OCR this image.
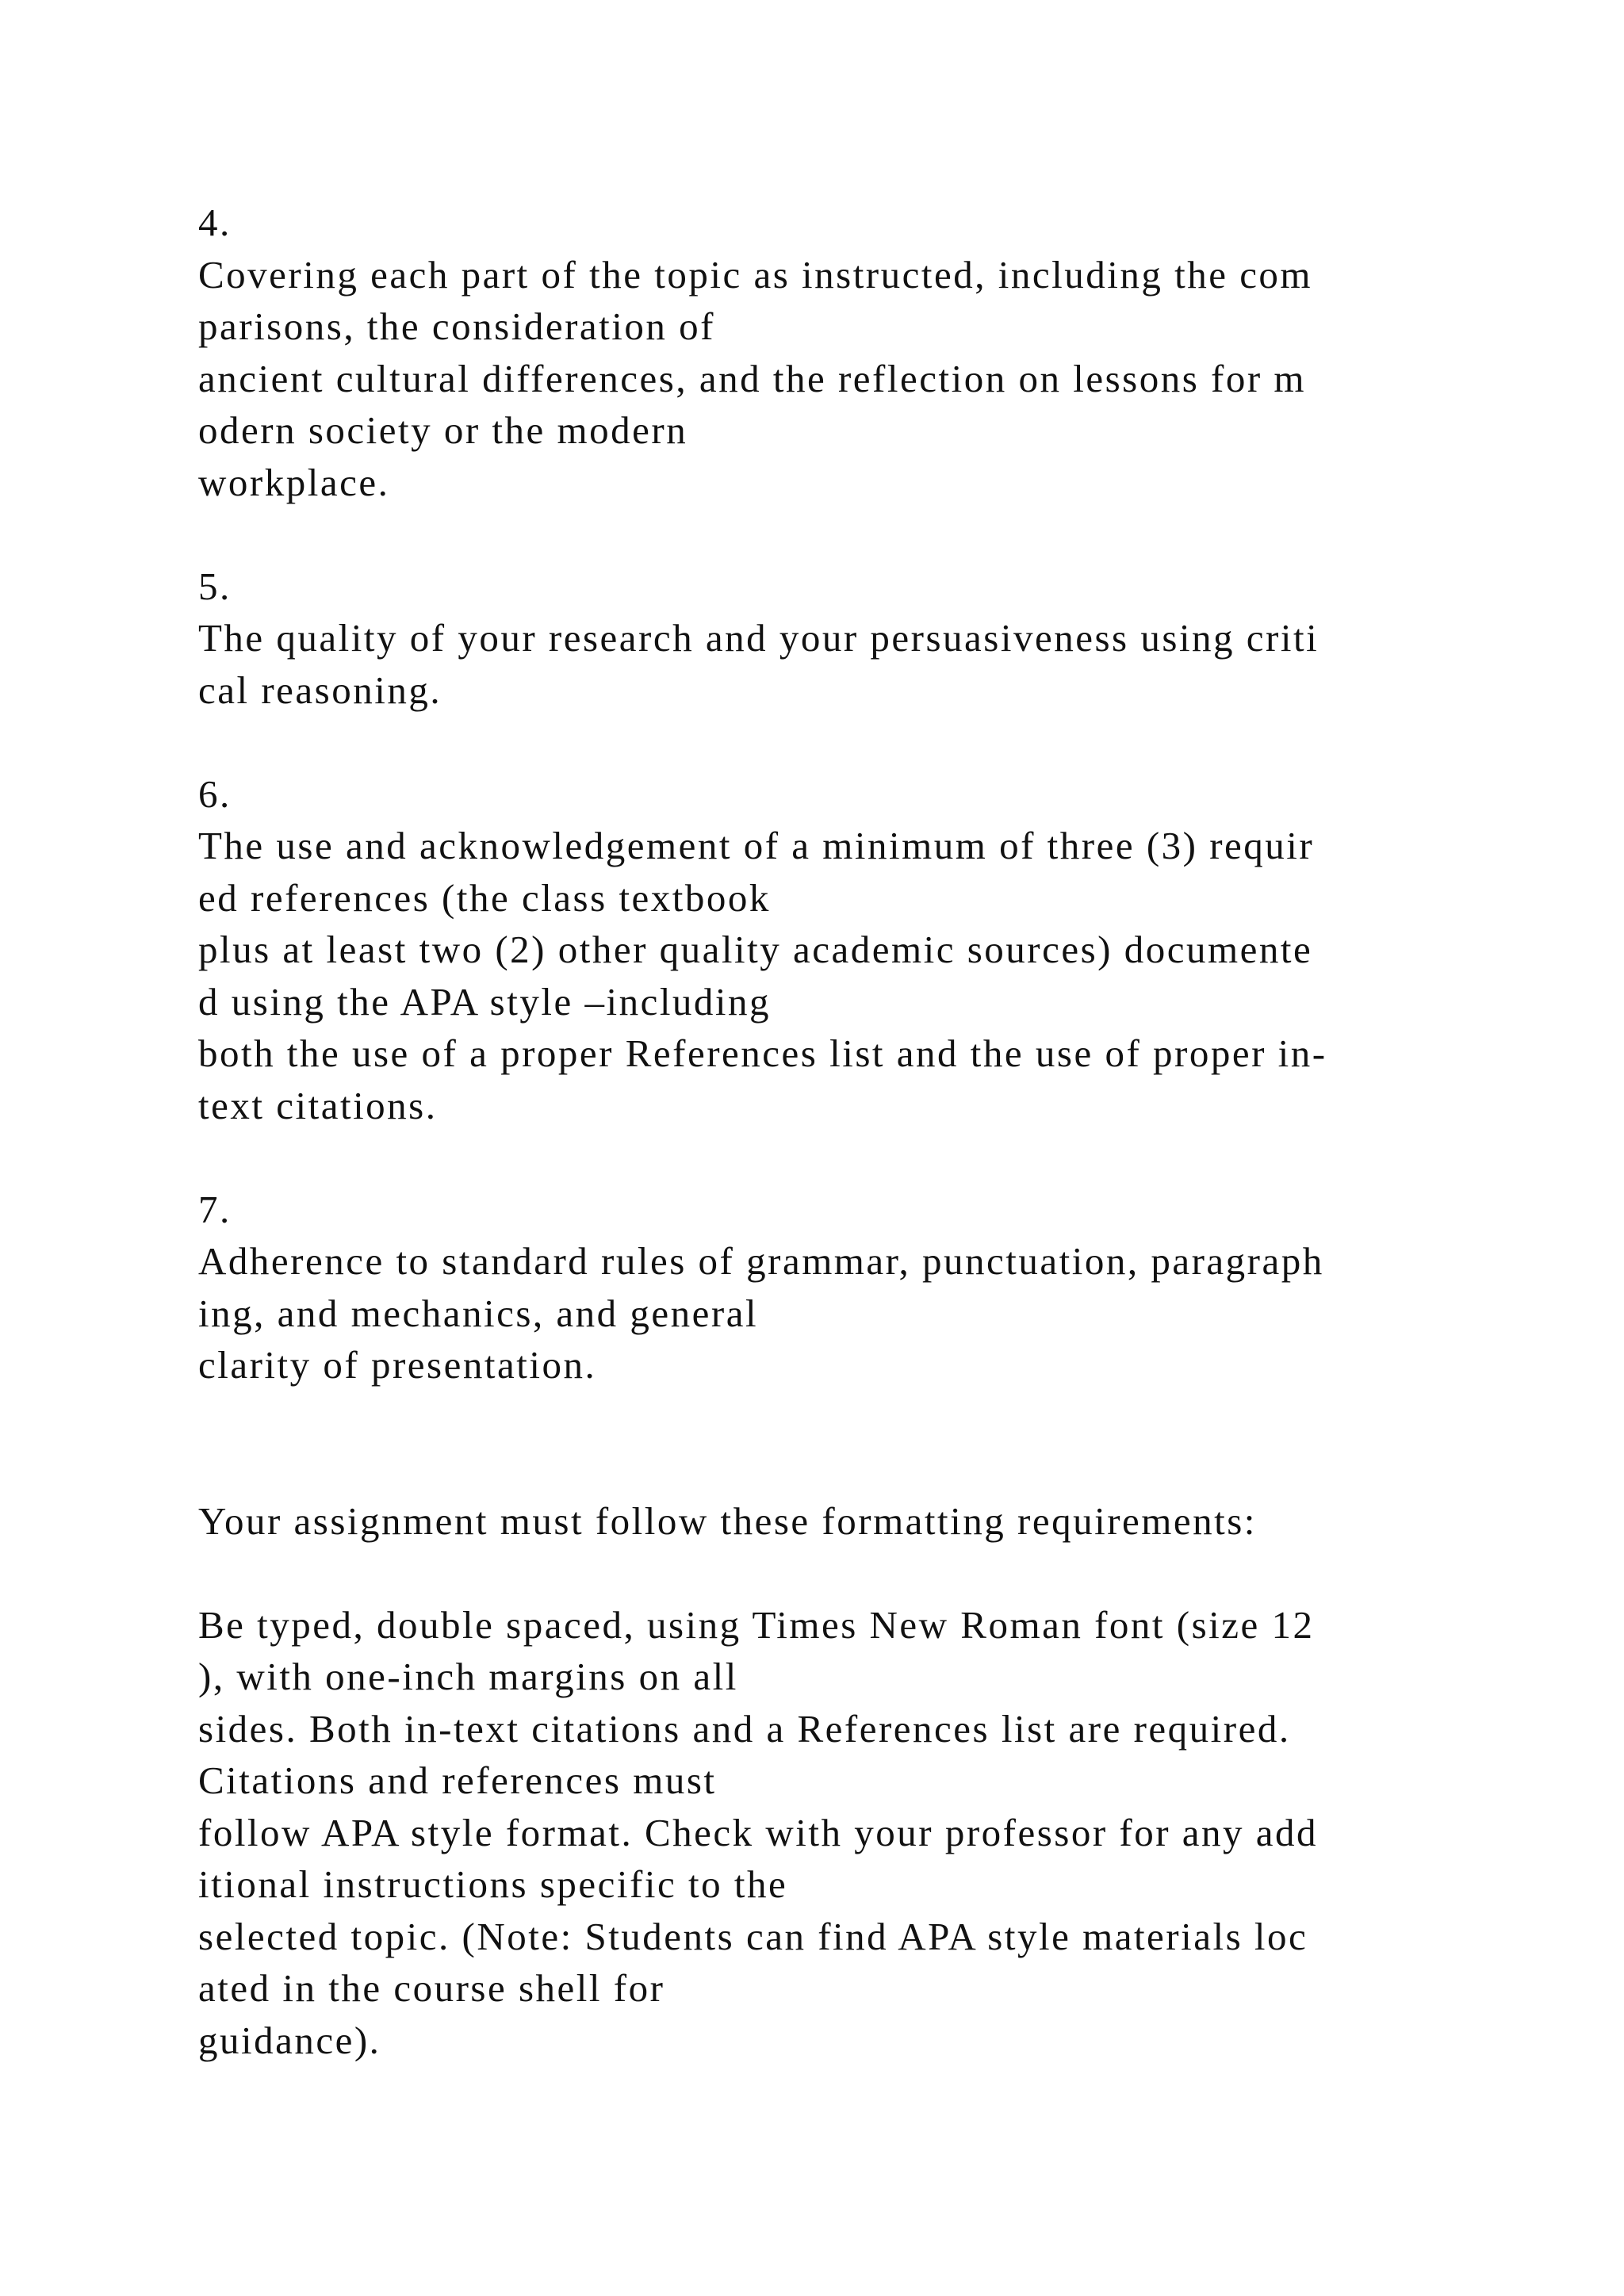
4.
Covering each part of the topic as instructed, including the com
parisons, the consideration of
ancient cultural differences, and the reflection on lessons for m
odern society or the modern
workplace.
5.
The quality of your research and your persuasiveness using criti
cal reasoning.
6.
The use and acknowledgement of a minimum of three (3) requir
ed references (the class textbook
plus at least two (2) other quality academic sources) documente
d using the APA style –including
both the use of a proper References list and the use of proper in-
text citations.
7.
Adherence to standard rules of grammar, punctuation, paragraph
ing, and mechanics, and general
clarity of presentation.
Your assignment must follow these formatting requirements:
Be typed, double spaced, using Times New Roman font (size 12
), with one-inch margins on all
sides. Both in-text citations and a References list are required.
Citations and references must
follow APA style format. Check with your professor for any add
itional instructions specific to the
selected topic. (Note: Students can find APA style materials loc
ated in the course shell for
guidance).
